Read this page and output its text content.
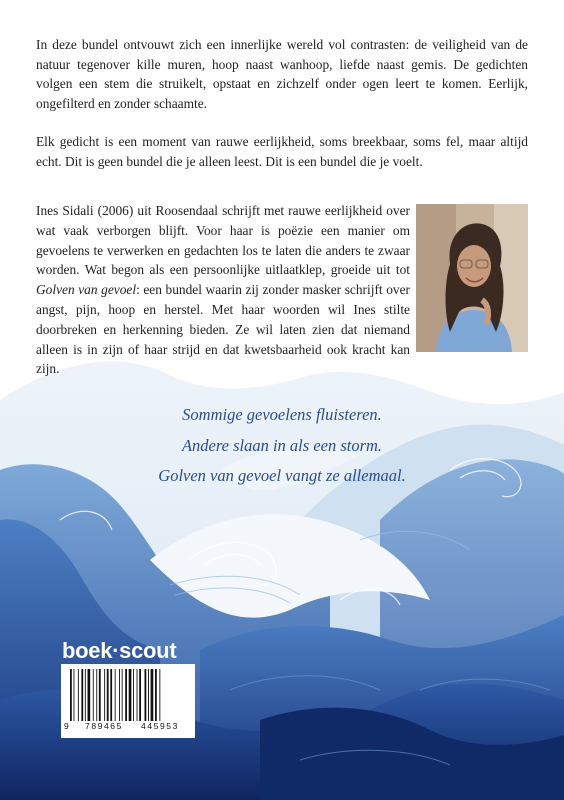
In deze bundel ontvouwt zich een innerlijke wereld vol contrasten: de veiligheid van de natuur tegenover kille muren, hoop naast wanhoop, liefde naast gemis. De gedichten volgen een stem die struikelt, opstaat en zichzelf onder ogen leert te komen. Eerlijk, ongefilterd en zonder schaamte.

Elk gedicht is een moment van rauwe eerlijkheid, soms breekbaar, soms fel, maar altijd echt. Dit is geen bundel die je alleen leest. Dit is een bundel die je voelt.

Ines Sidali (2006) uit Roosendaal schrijft met rauwe eerlijkheid over wat vaak verborgen blijft. Voor haar is poëzie een manier om gevoelens te verwerken en gedachten los te laten die anders te zwaar worden. Wat begon als een persoonlijke uitlaatklep, groeide uit tot Golven van gevoel: een bundel waarin zij zonder masker schrijft over angst, pijn, hoop en herstel. Met haar woorden wil Ines stilte doorbreken en herkenning bieden. Ze wil laten zien dat niemand alleen is in zijn of haar strijd en dat kwetsbaarheid ook kracht kan zijn.

Sommige gevoelens fluisteren.
Andere slaan in als een storm.
Golven van gevoel vangt ze allemaal.
boek·scout
9 789465 445953
